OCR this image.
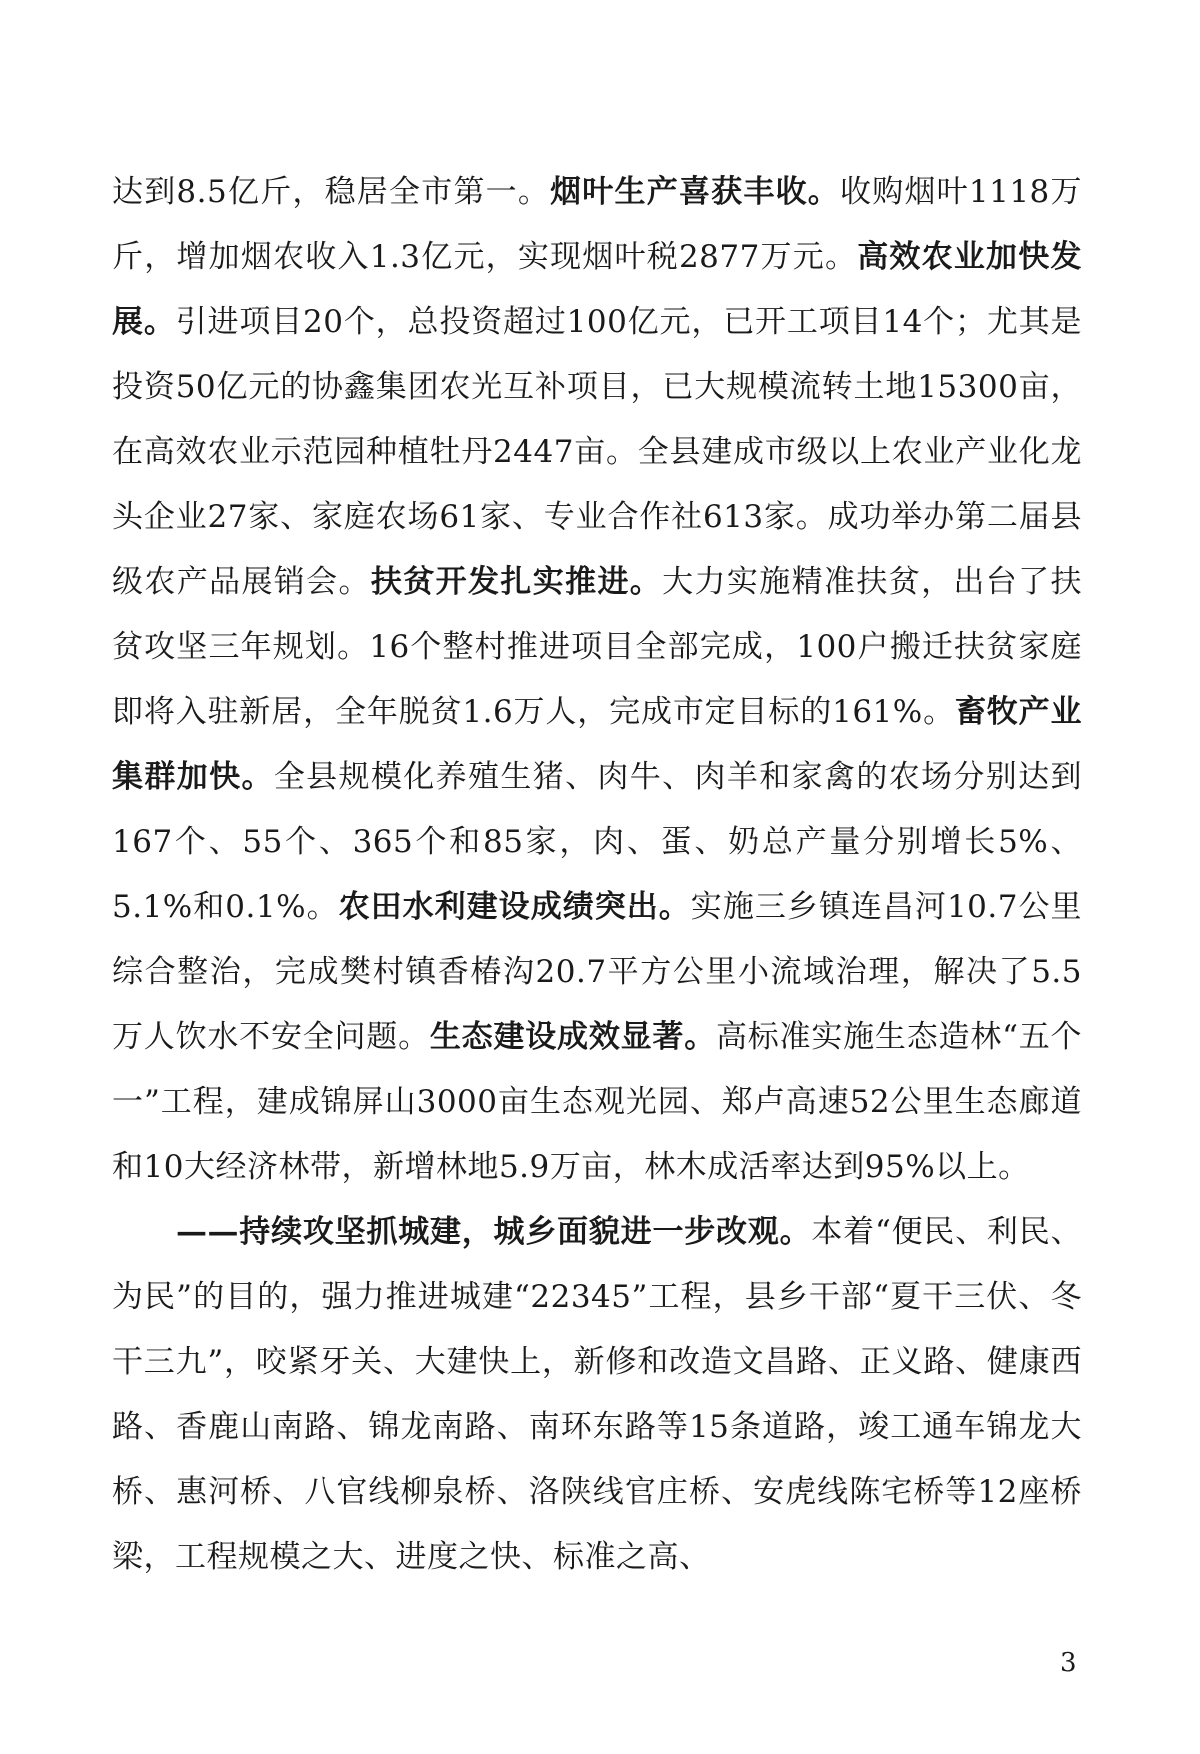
达到8.5亿斤，稳居全市第一。烟叶生产喜获丰收。收购烟叶1118万斤，增加烟农收入1.3亿元，实现烟叶税2877万元。高效农业加快发展。引进项目20个，总投资超过100亿元，已开工项目14个；尤其是投资50亿元的协鑫集团农光互补项目，已大规模流转土地15300亩，在高效农业示范园种植牡丹2447亩。全县建成市级以上农业产业化龙头企业27家、家庭农场61家、专业合作社613家。成功举办第二届县级农产品展销会。扶贫开发扎实推进。大力实施精准扶贫，出台了扶贫攻坚三年规划。16个整村推进项目全部完成，100户搬迁扶贫家庭即将入驻新居，全年脱贫1.6万人，完成市定目标的161%。畜牧产业集群加快。全县规模化养殖生猪、肉牛、肉羊和家禽的农场分别达到167个、55个、365个和85家，肉、蛋、奶总产量分别增长5%、5.1%和0.1%。农田水利建设成绩突出。实施三乡镇连昌河10.7公里综合整治，完成樊村镇香椿沟20.7平方公里小流域治理，解决了5.5万人饮水不安全问题。生态建设成效显著。高标准实施生态造林“五个一”工程，建成锦屏山3000亩生态观光园、郑卢高速52公里生态廊道和10大经济林带，新增林地5.9万亩，林木成活率达到95%以上。

——持续攻坚抓城建，城乡面貌进一步改观。本着“便民、利民、为民”的目的，强力推进城建“22345”工程，县乡干部“夏干三伏、冬干三九”，咬紧牙关、大建快上，新修和改造文昌路、正义路、健康西路、香鹿山南路、锦龙南路、南环东路等15条道路，竣工通车锦龙大桥、惠河桥、八官线柳泉桥、洛陕线官庄桥、安虎线陈宅桥等12座桥梁，工程规模之大、进度之快、标准之高、

3
